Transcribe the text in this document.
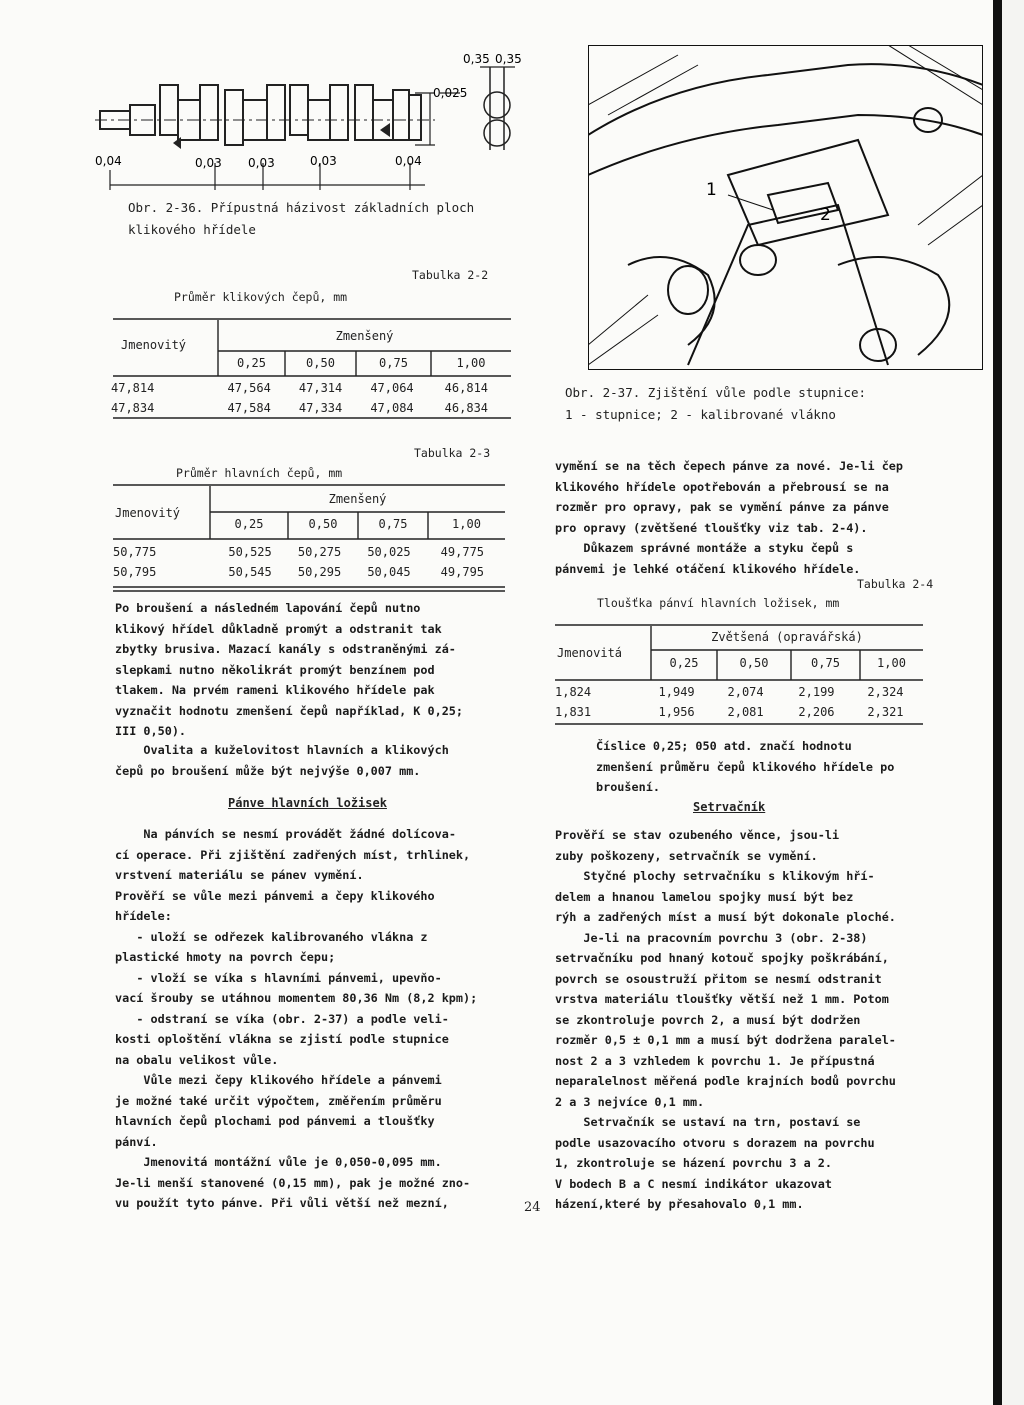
0,35 0,35
0,025
0,04	0,03 0,03	0,03	0,04
Obr. 2-36. Přípustná házivost základních ploch
klikového hřídele
1
2
Obr. 2-37. Zjištění vůle podle stupnice:
1 - stupnice; 2 - kalibrované vlákno
Tabulka 2-2
Průměr klikových čepů, mm
Jmenovitý
Zmenšený
0,25	0,50	0,75	1,00
47,814	47,564	47,314	47,064	46,814
47,834	47,584	47,334	47,084	46,834
Tabulka 2-3
Průměr hlavních čepů, mm
Jmenovitý
Zmenšený
0,25	0,50	0,75	1,00
50,775	50,525	50,275	50,025	49,775
50,795	50,545	50,295	50,045	49,795
Po broušení a následném lapování čepů nutno
klikový hřídel důkladně promýt a odstranit tak
zbytky brusiva. Mazací kanály s odstraněnými zá-
slepkami nutno několikrát promýt benzínem pod
tlakem. Na prvém rameni klikového hřídele pak
vyznačit hodnotu zmenšení čepů například, K 0,25;
III 0,50).
Ovalita a kuželovitost hlavních a klikových
čepů po broušení může být nejvýše 0,007 mm.
Pánve hlavních ložisek
Na pánvích se nesmí provádět žádné dolícova-
cí operace. Při zjištění zadřených míst, trhlinek,
vrstvení materiálu se pánev vymění.
Prověří se vůle mezi pánvemi a čepy klikového
hřídele:
- uloží se odřezek kalibrovaného vlákna z
plastické hmoty na povrch čepu;
- vloží se víka s hlavními pánvemi, upevňo-
vací šrouby se utáhnou momentem 80,36 Nm (8,2 kpm);
- odstraní se víka (obr. 2-37) a podle veli-
kosti oploštění vlákna se zjistí podle stupnice
na obalu velikost vůle.
Vůle mezi čepy klikového hřídele a pánvemi
je možné také určit výpočtem, změřením průměru
hlavních čepů plochami pod pánvemi a tloušťky
pánví.
Jmenovitá montážní vůle je 0,050-0,095 mm.
Je-li menší stanovené (0,15 mm), pak je možné zno-
vu použít tyto pánve. Při vůli větší než mezní,
vymění se na těch čepech pánve za nové. Je-li čep
klikového hřídele opotřebován a přebrousí se na
rozměr pro opravy, pak se vymění pánve za pánve
pro opravy (zvětšené tloušťky viz tab. 2-4).
Důkazem správné montáže a styku čepů s
pánvemi je lehké otáčení klikového hřídele.
Tabulka 2-4
Tloušťka pánví hlavních ložisek, mm
Jmenovitá
Zvětšená (opravářská)
0,25	0,50	0,75	1,00
1,824	1,949	2,074	2,199	2,324
1,831	1,956	2,081	2,206	2,321
Číslice 0,25; 050 atd. značí hodnotu
zmenšení průměru čepů klikového hřídele po
broušení.
Setrvačník
Prověří se stav ozubeného věnce, jsou-li
zuby poškozeny, setrvačník se vymění.
Styčné plochy setrvačníku s klikovým hří-
delem a hnanou lamelou spojky musí být bez
rýh a zadřených míst a musí být dokonale ploché.
Je-li na pracovním povrchu 3 (obr. 2-38)
setrvačníku pod hnaný kotouč spojky poškrábání,
povrch se osoustruží přitom se nesmí odstranit
vrstva materiálu tloušťky větší než 1 mm. Potom
se zkontroluje povrch 2, a musí být dodržen
rozměr 0,5 ± 0,1 mm a musí být dodržena paralel-
nost 2 a 3 vzhledem k povrchu 1. Je přípustná
neparalelnost měřená podle krajních bodů povrchu
2 a 3 nejvíce 0,1 mm.
Setrvačník se ustaví na trn, postaví se
podle usazovacího otvoru s dorazem na povrchu
1, zkontroluje se házení povrchu 3 a 2.
V bodech B a C nesmí indikátor ukazovat
házení,které by přesahovalo 0,1 mm.
24
